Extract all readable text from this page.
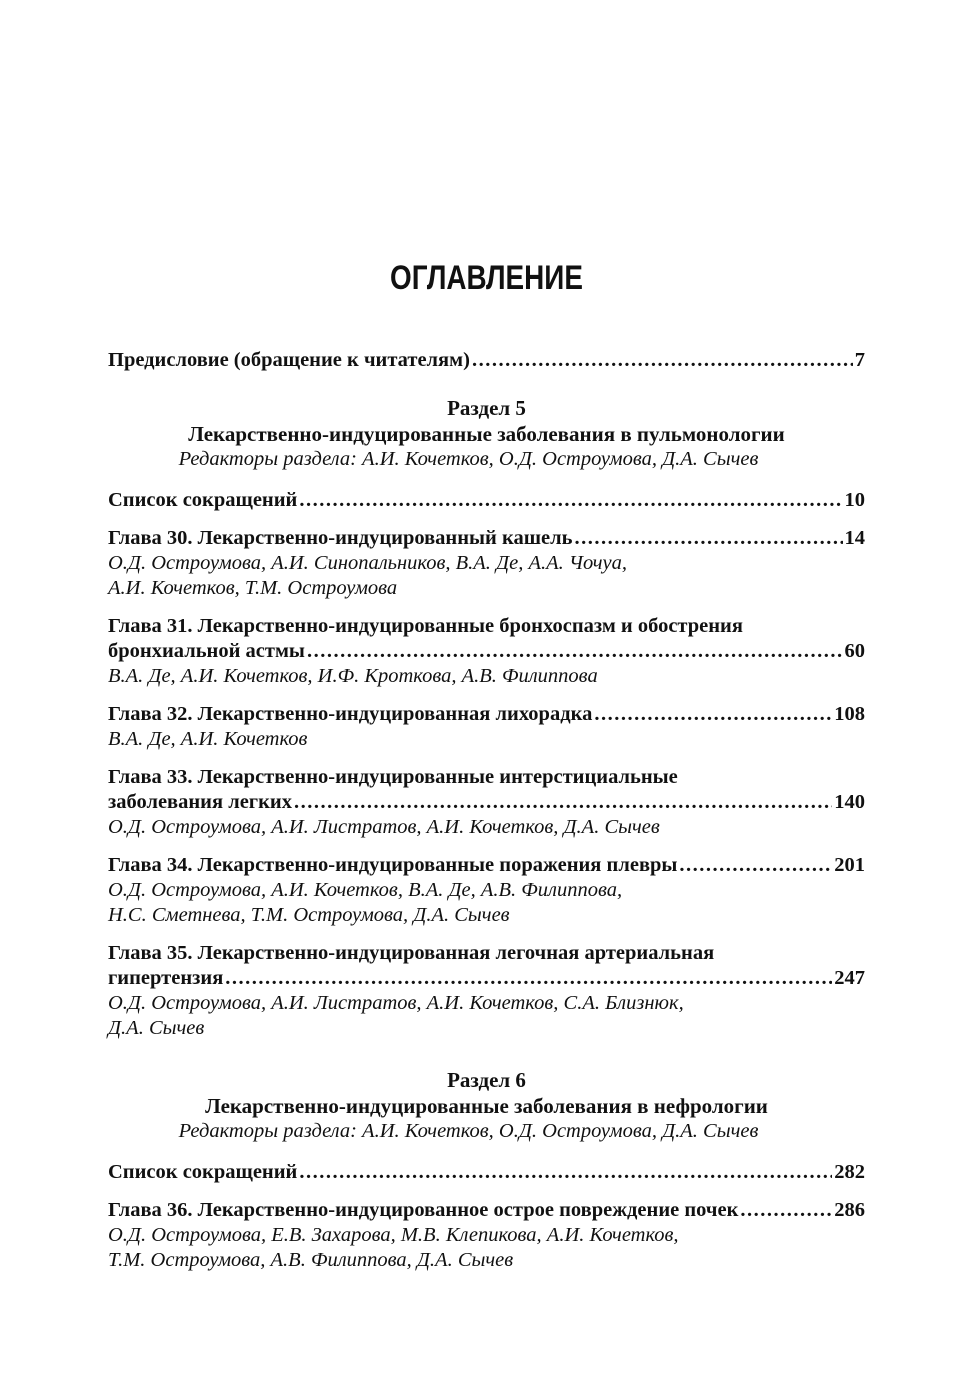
ОГЛАВЛЕНИЕ
Предисловие (обращение к читателям) .....	7
Раздел 5
Лекарственно-индуцированные заболевания в пульмонологии
Редакторы раздела: А.И. Кочетков, О.Д. Остроумова, Д.А. Сычев
Список сокращений .....	10
Глава 30. Лекарственно-индуцированный кашель .....	14
О.Д. Остроумова, А.И. Синопальников, В.А. Де, А.А. Чочуа,
А.И. Кочетков, Т.М. Остроумова
Глава 31. Лекарственно-индуцированные бронхоспазм и обострения
бронхиальной астмы .....	60
В.А. Де, А.И. Кочетков, И.Ф. Кроткова, А.В. Филиппова
Глава 32. Лекарственно-индуцированная лихорадка .....	108
В.А. Де, А.И. Кочетков
Глава 33. Лекарственно-индуцированные интерстициальные
заболевания легких .....	140
О.Д. Остроумова, А.И. Листратов, А.И. Кочетков, Д.А. Сычев
Глава 34. Лекарственно-индуцированные поражения плевры .....	201
О.Д. Остроумова, А.И. Кочетков, В.А. Де, А.В. Филиппова,
Н.С. Сметнева, Т.М. Остроумова, Д.А. Сычев
Глава 35. Лекарственно-индуцированная легочная артериальная
гипертензия .....	247
О.Д. Остроумова, А.И. Листратов, А.И. Кочетков, С.А. Близнюк,
Д.А. Сычев
Раздел 6
Лекарственно-индуцированные заболевания в нефрологии
Редакторы раздела: А.И. Кочетков, О.Д. Остроумова, Д.А. Сычев
Список сокращений .....	282
Глава 36. Лекарственно-индуцированное острое повреждение почек .....	286
О.Д. Остроумова, Е.В. Захарова, М.В. Клепикова, А.И. Кочетков,
Т.М. Остроумова, А.В. Филиппова, Д.А. Сычев
